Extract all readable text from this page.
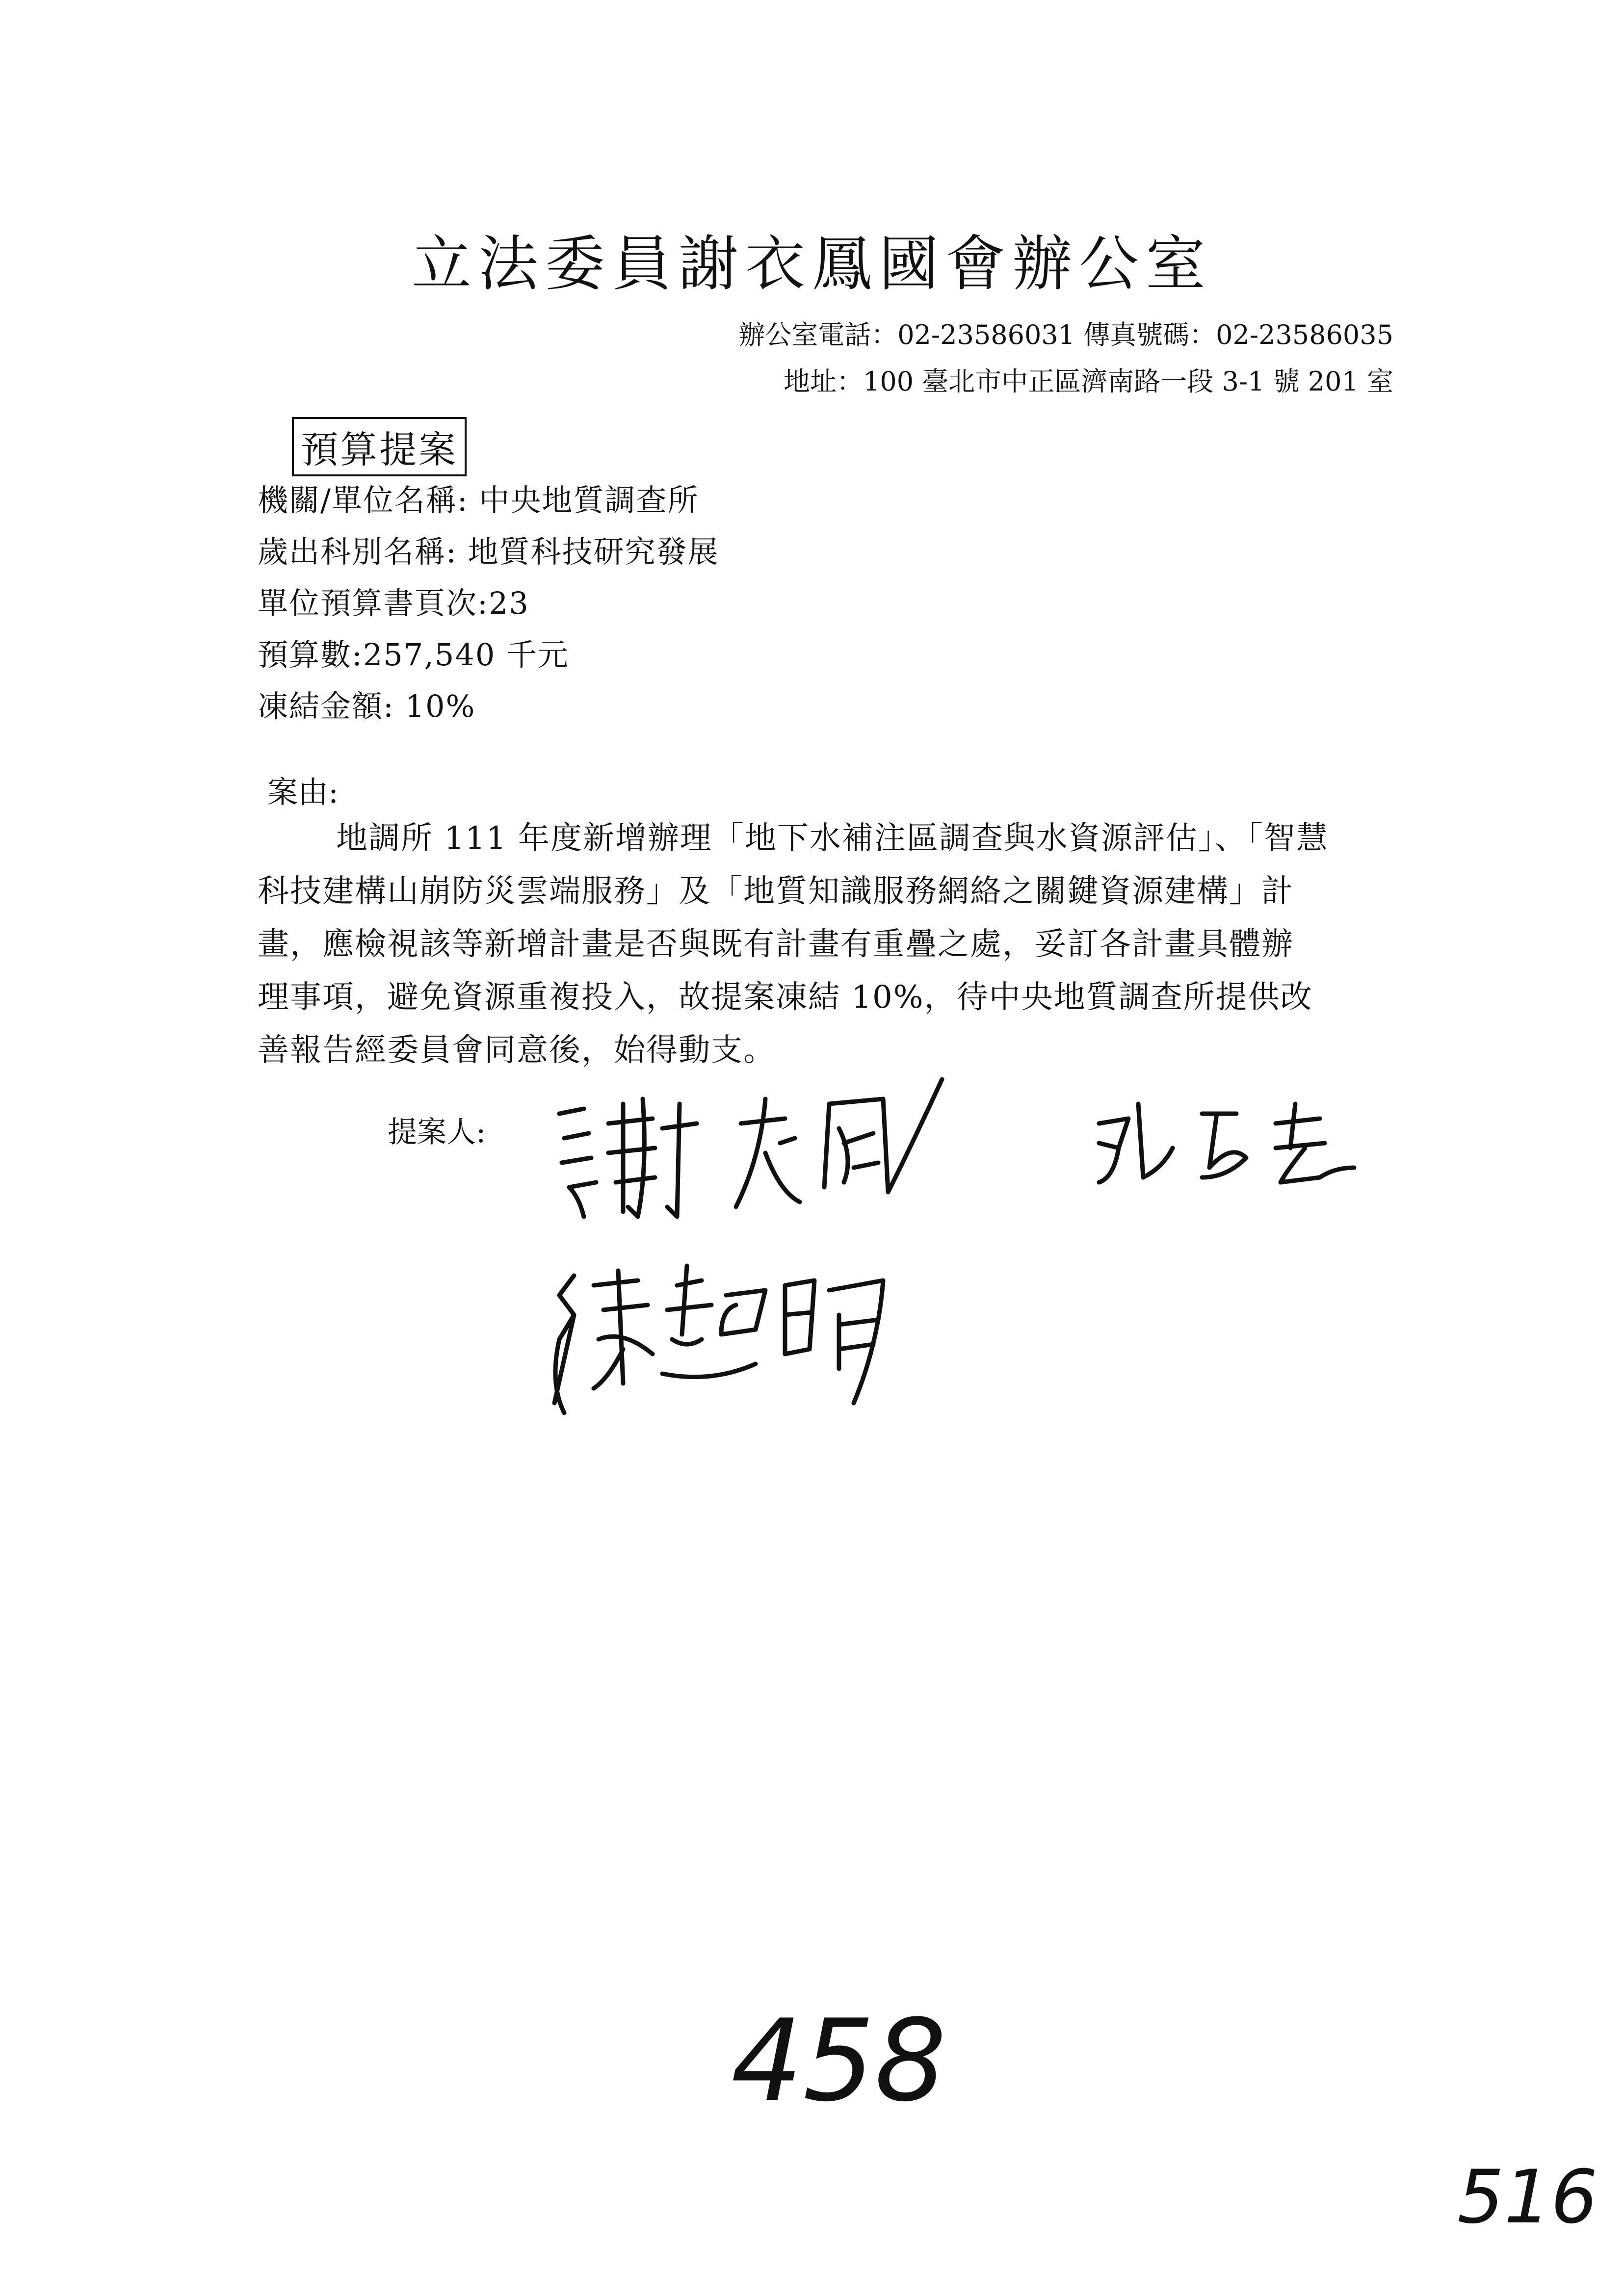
立法委員謝衣鳳國會辦公室
辦公室電話：02-23586031 傳真號碼：02-23586035
地址：100 臺北市中正區濟南路一段 3-1 號 201 室
預算提案
機關/單位名稱: 中央地質調查所
歲出科別名稱: 地質科技研究發展
單位預算書頁次:23
預算數:257,540 千元
凍結金額: 10%
案由:

地調所 111 年度新增辦理「地下水補注區調查與水資源評估」、「智慧

科技建構山崩防災雲端服務」及「地質知識服務網絡之關鍵資源建構」計

畫，應檢視該等新增計畫是否與既有計畫有重疊之處，妥訂各計畫具體辦

理事項，避免資源重複投入，故提案凍結 10%，待中央地質調查所提供改

善報告經委員會同意後，始得動支。

提案人:
458
516
